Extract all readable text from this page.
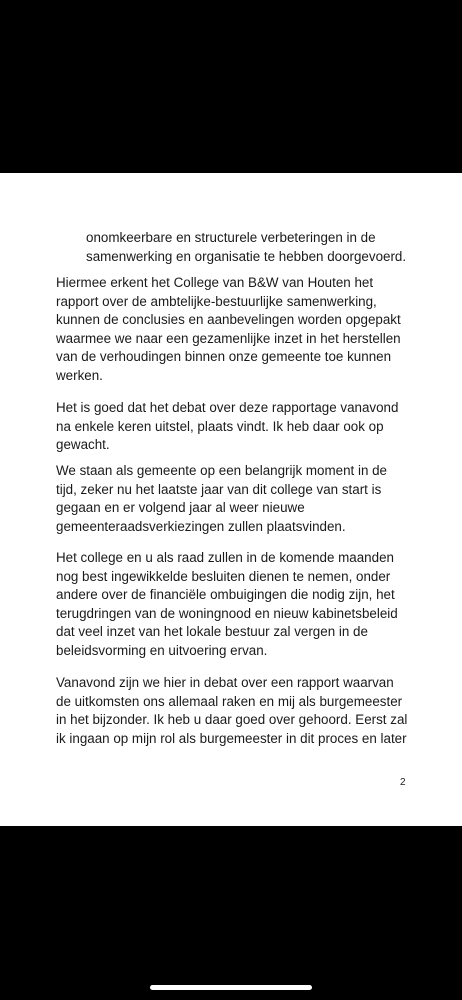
onomkeerbare en structurele verbeteringen in de
samenwerking en organisatie te hebben doorgevoerd.

Hiermee erkent het College van B&W van Houten het
rapport over de ambtelijke-bestuurlijke samenwerking,
kunnen de conclusies en aanbevelingen worden opgepakt
waarmee we naar een gezamenlijke inzet in het herstellen
van de verhoudingen binnen onze gemeente toe kunnen
werken.

Het is goed dat het debat over deze rapportage vanavond
na enkele keren uitstel, plaats vindt. Ik heb daar ook op
gewacht.

We staan als gemeente op een belangrijk moment in de
tijd, zeker nu het laatste jaar van dit college van start is
gegaan en er volgend jaar al weer nieuwe
gemeenteraadsverkiezingen zullen plaatsvinden.

Het college en u als raad zullen in de komende maanden
nog best ingewikkelde besluiten dienen te nemen, onder
andere over de financiële ombuigingen die nodig zijn, het
terugdringen van de woningnood en nieuw kabinetsbeleid
dat veel inzet van het lokale bestuur zal vergen in de
beleidsvorming en uitvoering ervan.

Vanavond zijn we hier in debat over een rapport waarvan
de uitkomsten ons allemaal raken en mij als burgemeester
in het bijzonder. Ik heb u daar goed over gehoord. Eerst zal
ik ingaan op mijn rol als burgemeester in dit proces en later

2
